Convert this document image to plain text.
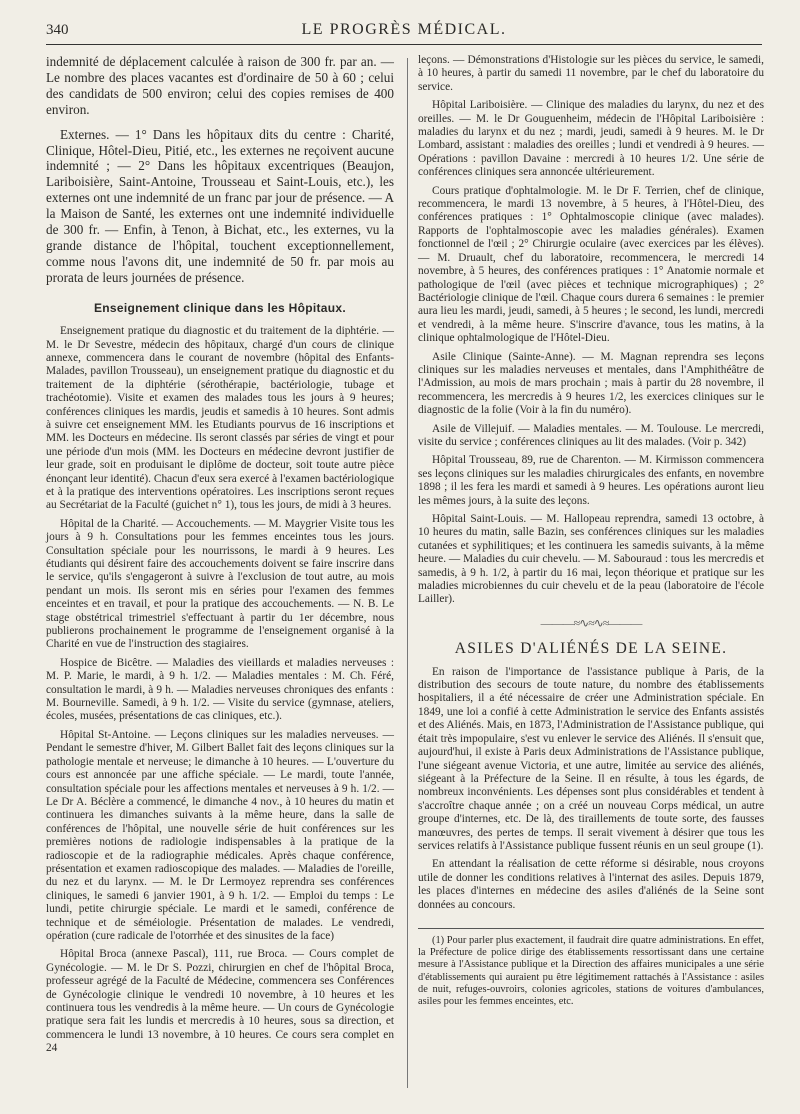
340	LE PROGRÈS MÉDICAL.

indemnité de déplacement calculée à raison de 300 fr. par an. — Le nombre des places vacantes est d'ordinaire de 50 à 60 ; celui des candidats de 500 environ; celui des copies remises de 400 environ.

Externes. — 1° Dans les hôpitaux dits du centre : Charité, Clinique, Hôtel-Dieu, Pitié, etc., les externes ne reçoivent aucune indemnité ; — 2° Dans les hôpitaux excentriques (Beaujon, Lariboisière, Saint-Antoine, Trousseau et Saint-Louis, etc.), les externes ont une indemnité de un franc par jour de présence. — A la Maison de Santé, les externes ont une indemnité individuelle de 300 fr. — Enfin, à Tenon, à Bichat, etc., les externes, vu la grande distance de l'hôpital, touchent exceptionnellement, comme nous l'avons dit, une indemnité de 50 fr. par mois au prorata de leurs journées de présence.

Enseignement clinique dans les Hôpitaux.

Enseignement pratique du diagnostic et du traitement de la diphtérie. — M. le Dr Sevestre, médecin des hôpitaux, chargé d'un cours de clinique annexe, commencera dans le courant de novembre (hôpital des Enfants-Malades, pavillon Trousseau), un enseignement pratique du diagnostic et du traitement de la diphtérie (sérothérapie, bactériologie, tubage et trachéotomie). Visite et examen des malades tous les jours à 9 heures; conférences cliniques les mardis, jeudis et samedis à 10 heures. Sont admis à suivre cet enseignement MM. les Etudiants pourvus de 16 inscriptions et MM. les Docteurs en médecine. Ils seront classés par séries de vingt et pour une période d'un mois (MM. les Docteurs en médecine devront justifier de leur grade, soit en produisant le diplôme de docteur, soit toute autre pièce énonçant leur identité). Chacun d'eux sera exercé à l'examen bactériologique et à la pratique des interventions opératoires. Les inscriptions seront reçues au Secrétariat de la Faculté (guichet n° 1), tous les jours, de midi à 3 heures.

Hôpital de la Charité. — Accouchements. — M. Maygrier Visite tous les jours à 9 h. Consultations pour les femmes enceintes tous les jours. Consultation spéciale pour les nourrissons, le mardi à 9 heures. Les étudiants qui désirent faire des accouchements doivent se faire inscrire dans le service, qu'ils s'engageront à suivre à l'exclusion de tout autre, au mois pendant un mois. Ils seront mis en séries pour l'examen des femmes enceintes et en travail, et pour la pratique des accouchements. — N. B. Le stage obstétrical trimestriel s'effectuant à partir du 1er décembre, nous publierons prochainement le programme de l'enseignement organisé à la Charité en vue de l'instruction des stagiaires.

Hospice de Bicêtre. — Maladies des vieillards et maladies nerveuses : M. P. Marie, le mardi, à 9 h. 1/2. — Maladies mentales : M. Ch. Féré, consultation le mardi, à 9 h. — Maladies nerveuses chroniques des enfants : M. Bourneville. Samedi, à 9 h. 1/2. — Visite du service (gymnase, ateliers, écoles, musées, présentations de cas cliniques, etc.).

Hôpital St-Antoine. — Leçons cliniques sur les maladies nerveuses. — Pendant le semestre d'hiver, M. Gilbert Ballet fait des leçons cliniques sur la pathologie mentale et nerveuse; le dimanche à 10 heures. — L'ouverture du cours est annoncée par une affiche spéciale. — Le mardi, toute l'année, consultation spéciale pour les affections mentales et nerveuses à 9 h. 1/2. — Le Dr A. Béclère a commencé, le dimanche 4 nov., à 10 heures du matin et continuera les dimanches suivants à la même heure, dans la salle de conférences de l'hôpital, une nouvelle série de huit conférences sur les premières notions de radiologie indispensables à la pratique de la radioscopie et de la radiographie médicales. Après chaque conférence, présentation et examen radioscopique des malades. — Maladies de l'oreille, du nez et du larynx. — M. le Dr Lermoyez reprendra ses conférences cliniques, le samedi 6 janvier 1901, à 9 h. 1/2. — Emploi du temps : Le lundi, petite chirurgie spéciale. Le mardi et le samedi, conférence de technique et de séméiologie. Présentation de malades. Le vendredi, opération (cure radicale de l'otorrhée et des sinusites de la face)

Hôpital Broca (annexe Pascal), 111, rue Broca. — Cours complet de Gynécologie. — M. le Dr S. Pozzi, chirurgien en chef de l'hôpital Broca, professeur agrégé de la Faculté de Médecine, commencera ses Conférences de Gynécologie clinique le vendredi 10 novembre, à 10 heures et les continuera tous les vendredis à la même heure. — Un cours de Gynécologie pratique sera fait les lundis et mercredis à 10 heures, sous sa direction, et commencera le lundi 13 novembre, à 10 heures. Ce cours sera complet en 24

leçons. — Démonstrations d'Histologie sur les pièces du service, le samedi, à 10 heures, à partir du samedi 11 novembre, par le chef du laboratoire du service.

Hôpital Lariboisière. — Clinique des maladies du larynx, du nez et des oreilles. — M. le Dr Gouguenheim, médecin de l'Hôpital Lariboisière : maladies du larynx et du nez ; mardi, jeudi, samedi à 9 heures. M. le Dr Lombard, assistant : maladies des oreilles ; lundi et vendredi à 9 heures. — Opérations : pavillon Davaine : mercredi à 10 heures 1/2. Une série de conférences cliniques sera annoncée ultérieurement.

Cours pratique d'ophtalmologie. M. le Dr F. Terrien, chef de clinique, recommencera, le mardi 13 novembre, à 5 heures, à l'Hôtel-Dieu, des conférences pratiques : 1° Ophtalmoscopie clinique (avec malades). Rapports de l'ophtalmoscopie avec les maladies générales). Examen fonctionnel de l'œil ; 2° Chirurgie oculaire (avec exercices par les élèves). — M. Druault, chef du laboratoire, recommencera, le mercredi 14 novembre, à 5 heures, des conférences pratiques : 1° Anatomie normale et pathologique de l'œil (avec pièces et technique micrographiques) ; 2° Bactériologie clinique de l'œil. Chaque cours durera 6 semaines : le premier aura lieu les mardi, jeudi, samedi, à 5 heures ; le second, les lundi, mercredi et vendredi, à la même heure. S'inscrire d'avance, tous les matins, à la clinique ophtalmologique de l'Hôtel-Dieu.

Asile Clinique (Sainte-Anne). — M. Magnan reprendra ses leçons cliniques sur les maladies nerveuses et mentales, dans l'Amphithéâtre de l'Admission, au mois de mars prochain ; mais à partir du 28 novembre, il recommencera, les mercredis à 9 heures 1/2, les exercices cliniques sur le diagnostic de la folie (Voir à la fin du numéro).

Asile de Villejuif. — Maladies mentales. — M. Toulouse. Le mercredi, visite du service ; conférences cliniques au lit des malades. (Voir p. 342)

Hôpital Trousseau, 89, rue de Charenton. — M. Kirmisson commencera ses leçons cliniques sur les maladies chirurgicales des enfants, en novembre 1898 ; il les fera les mardi et samedi à 9 heures. Les opérations auront lieu les mêmes jours, à la suite des leçons.

Hôpital Saint-Louis. — M. Hallopeau reprendra, samedi 13 octobre, à 10 heures du matin, salle Bazin, ses conférences cliniques sur les maladies cutanées et syphilitiques; et les continuera les samedis suivants, à la même heure. — Maladies du cuir chevelu. — M. Sabouraud : tous les mercredis et samedis, à 9 h. 1/2, à partir du 16 mai, leçon théorique et pratique sur les maladies microbiennes du cuir chevelu et de la peau (laboratoire de l'école Lailler).

———≈∿≈∿≈———
ASILES D'ALIÉNÉS DE LA SEINE.

En raison de l'importance de l'assistance publique à Paris, de la distribution des secours de toute nature, du nombre des établissements hospitaliers, il a été nécessaire de créer une Administration spéciale. En 1849, une loi a confié à cette Administration le service des Enfants assistés et des Aliénés. Mais, en 1873, l'Administration de l'Assistance publique, qui était très impopulaire, s'est vu enlever le service des Aliénés. Il s'ensuit que, aujourd'hui, il existe à Paris deux Administrations de l'Assistance publique, l'une siégeant avenue Victoria, et une autre, limitée au service des aliénés, siégeant à la Préfecture de la Seine. Il en résulte, à tous les égards, de nombreux inconvénients. Les dépenses sont plus considérables et tendent à s'accroître chaque année ; on a créé un nouveau Corps médical, un autre groupe d'internes, etc. De là, des tiraillements de toute sorte, des fausses manœuvres, des pertes de temps. Il serait vivement à désirer que tous les services relatifs à l'Assistance publique fussent réunis en un seul groupe (1).

En attendant la réalisation de cette réforme si désirable, nous croyons utile de donner les conditions relatives à l'internat des asiles. Depuis 1879, les places d'internes en médecine des asiles d'aliénés de la Seine sont données au concours.

(1) Pour parler plus exactement, il faudrait dire quatre administrations. En effet, la Préfecture de police dirige des établissements ressortissant dans une certaine mesure à l'Assistance publique et la Direction des affaires municipales a une série d'établissements qui auraient pu être légitimement rattachés à l'Assistance : asiles de nuit, refuges-ouvroirs, colonies agricoles, stations de voitures d'ambulances, asiles pour les femmes enceintes, etc.
